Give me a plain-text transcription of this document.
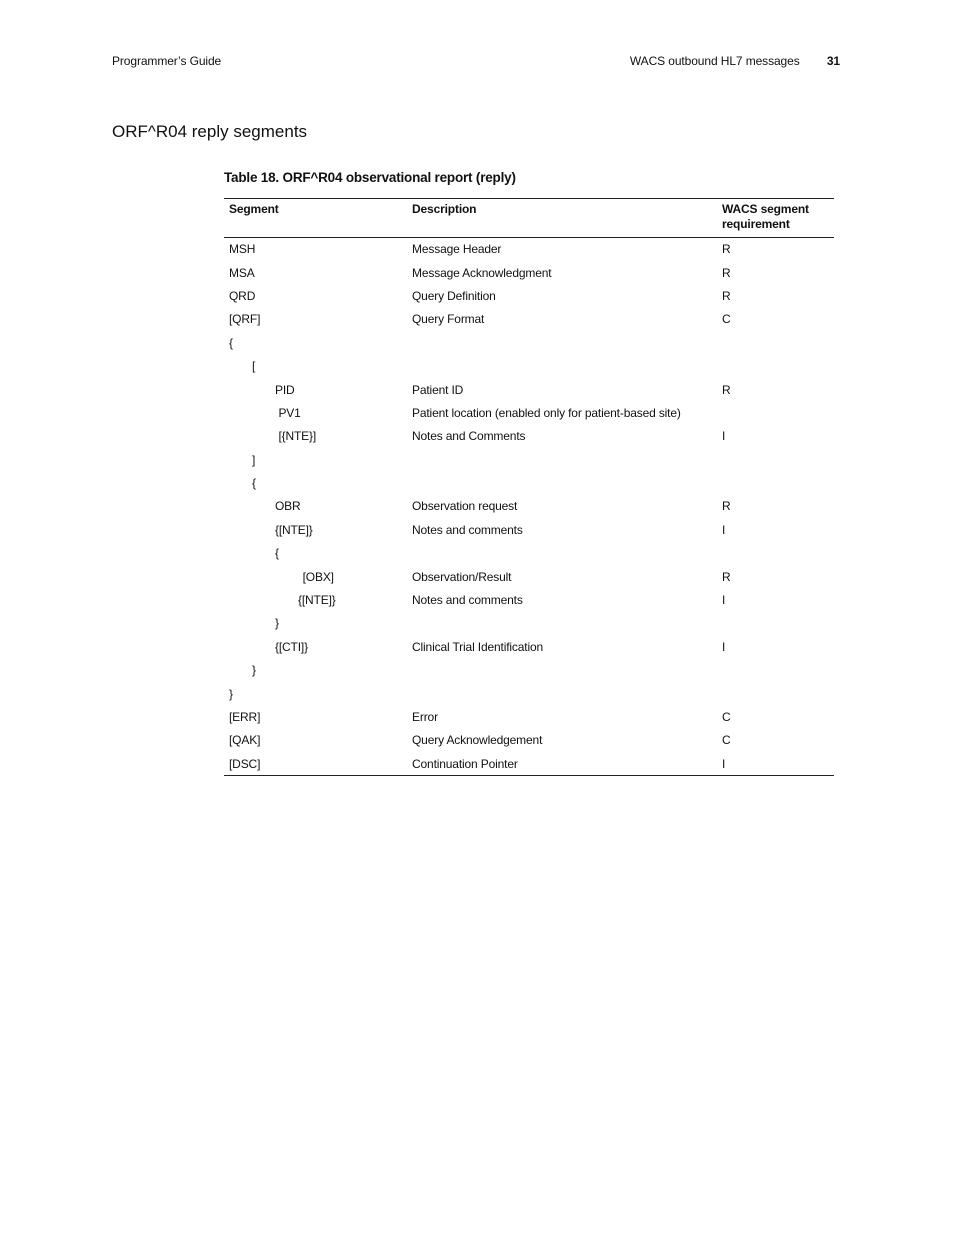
Programmer’s Guide	WACS outbound HL7 messages 31
ORF^R04 reply segments
Table 18. ORF^R04 observational report (reply)
Segment	Description	WACS segment requirement
MSH	Message Header	R
MSA	Message Acknowledgment	R
QRD	Query Definition	R
[QRF]	Query Format	C
{		
[		
PID	Patient ID	R
PV1	Patient location (enabled only for patient-based site)	
[{NTE}]	Notes and Comments	I
]		
{		
OBR	Observation request	R
{[NTE]}	Notes and comments	I
{		
[OBX]	Observation/Result	R
{[NTE]}	Notes and comments	I
}		
{[CTI]}	Clinical Trial Identification	I
}		
}		
[ERR]	Error	C
[QAK]	Query Acknowledgement	C
[DSC]	Continuation Pointer	I
